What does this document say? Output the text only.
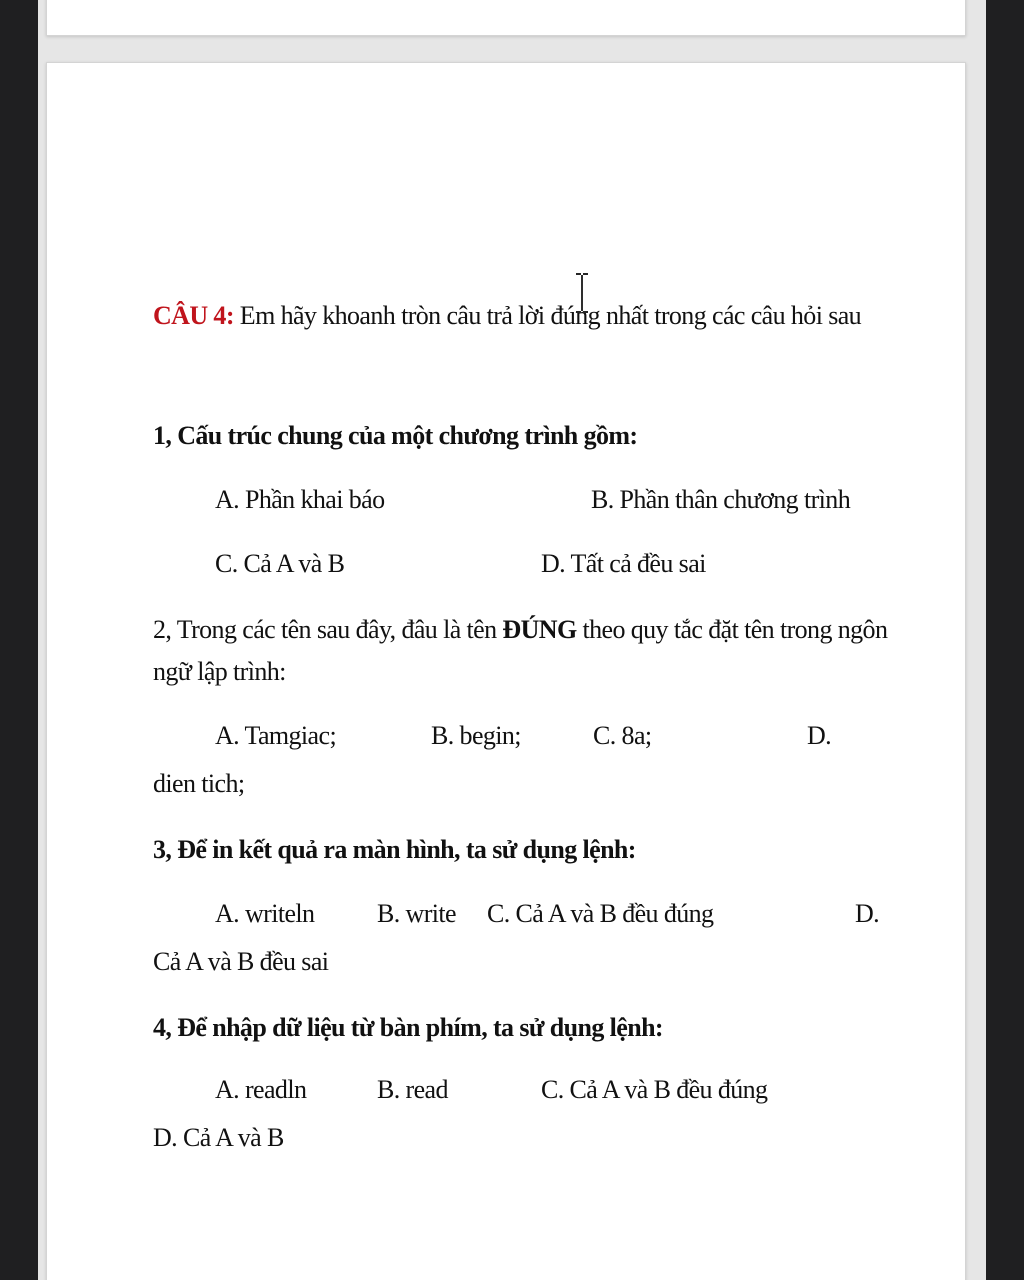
CÂU 4: Em hãy khoanh tròn câu trả lời đúng nhất trong các câu hỏi sau
1, Cấu trúc chung của một chương trình gồm:
A. Phần khai báo	B. Phần thân chương trình
C. Cả A và B	D. Tất cả đều sai
2, Trong các tên sau đây, đâu là tên ĐÚNG theo quy tắc đặt tên trong ngôn
ngữ lập trình:
A. Tamgiac;	B. begin;	C. 8a;	D.
dien tich;
3, Để in kết quả ra màn hình, ta sử dụng lệnh:
A. writeln B. write C. Cả A và B đều đúng	D.
Cả A và B đều sai
4, Để nhập dữ liệu từ bàn phím, ta sử dụng lệnh:
A. readln	B. read	C. Cả A và B đều đúng
D. Cả A và B
